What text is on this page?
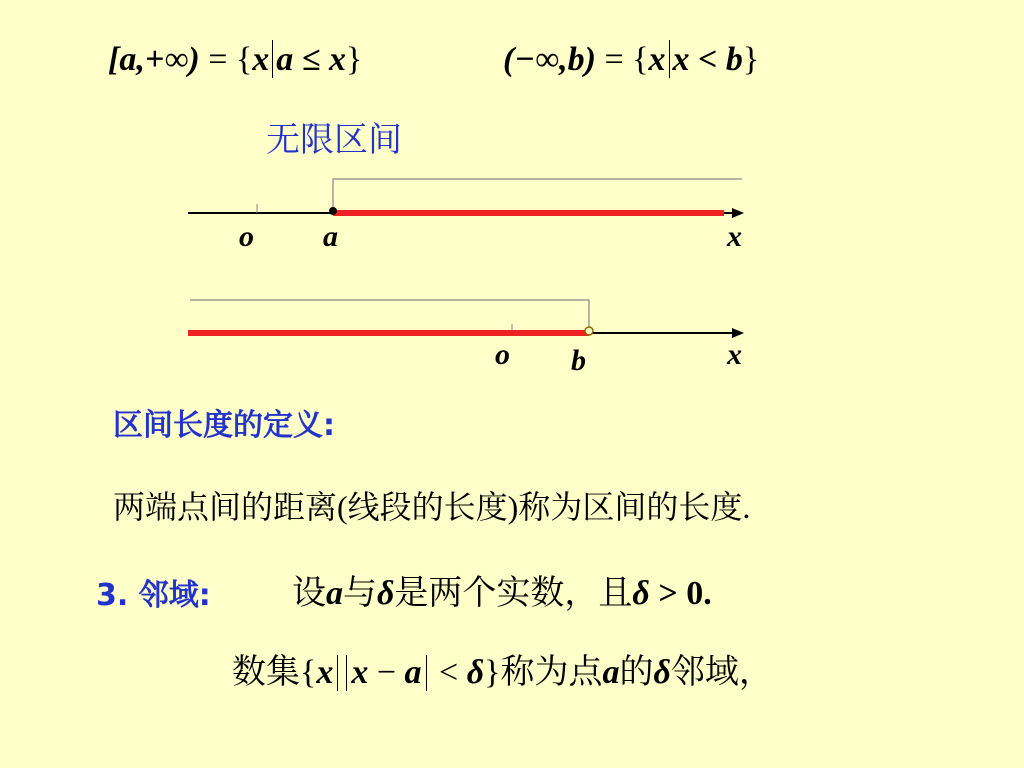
[a,+∞) = {x a ≤ x}	(−∞,b) = {x x < b}
无限区间
o a	x
o b	x
区间长度的定义:
两端点间的距离(线段的长度)称为区间的长度.
3. 邻域: 设a与δ是两个实数，且δ > 0.
数集{x x − a < δ}称为点a的δ邻域，
